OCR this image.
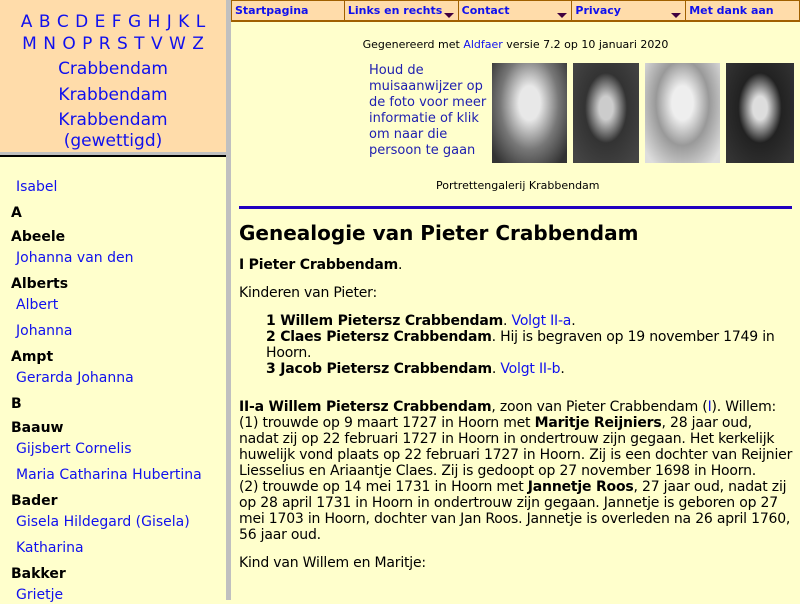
A B C D E F G H J K L
M N O P R S T V W Z
Crabbendam
Krabbendam
Krabbendam (gewettigd)
Isabel
A
Abeele
Johanna van den
Alberts
Albert
Johanna
Ampt
Gerarda Johanna
B
Baauw
Gijsbert Cornelis
Maria Catharina Hubertina
Bader
Gisela Hildegard (Gisela)
Katharina
Bakker
Grietje
Startpagina	Links en rechts	Contact	Privacy	Met dank aan
Gegenereerd met Aldfaer versie 7.2 op 10 januari 2020
Houd de muisaanwijzer op de foto voor meer informatie of klik om naar die persoon te gaan
Portrettengalerij Krabbendam
Genealogie van Pieter Crabbendam

I Pieter Crabbendam.

Kinderen van Pieter:

1 Willem Pietersz Crabbendam. Volgt II-a.
2 Claes Pietersz Crabbendam. Hij is begraven op 19 november 1749 in Hoorn.
3 Jacob Pietersz Crabbendam. Volgt II-b.

II-a Willem Pietersz Crabbendam, zoon van Pieter Crabbendam (I). Willem:
(1) trouwde op 9 maart 1727 in Hoorn met Maritje Reijniers, 28 jaar oud, nadat zij op 22 februari 1727 in Hoorn in ondertrouw zijn gegaan. Het kerkelijk huwelijk vond plaats op 22 februari 1727 in Hoorn. Zij is een dochter van Reijnier Liesselius en Ariaantje Claes. Zij is gedoopt op 27 november 1698 in Hoorn.
(2) trouwde op 14 mei 1731 in Hoorn met Jannetje Roos, 27 jaar oud, nadat zij op 28 april 1731 in Hoorn in ondertrouw zijn gegaan. Jannetje is geboren op 27 mei 1703 in Hoorn, dochter van Jan Roos. Jannetje is overleden na 26 april 1760, 56 jaar oud.

Kind van Willem en Maritje:
